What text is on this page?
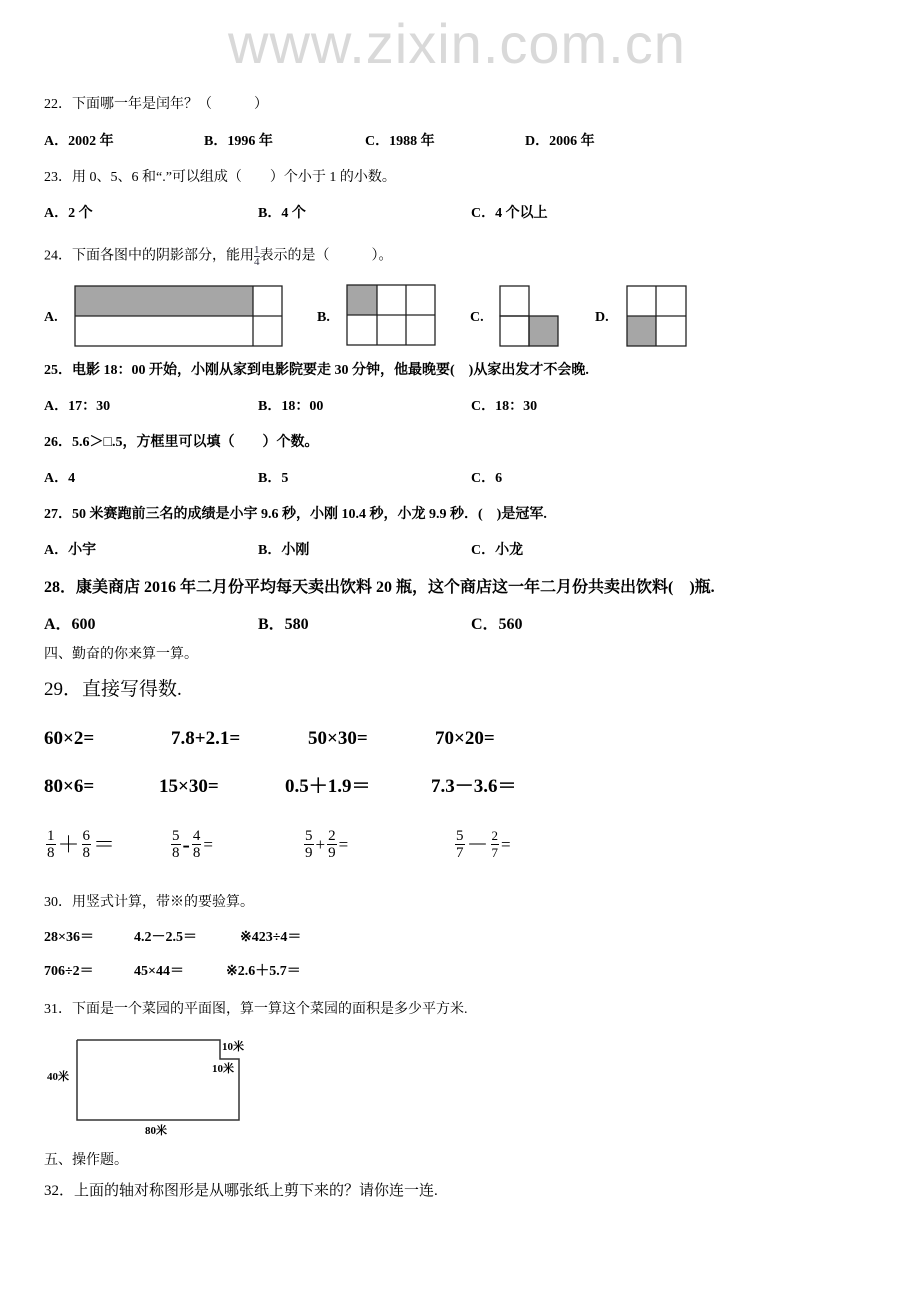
www.zixin.com.cn
22．下面哪一年是闰年？（　　　）
A．2002 年	B．1996 年	C．1988 年	D．2006 年
23．用 0、5、6 和“.”可以组成（　　）个小于 1 的小数。
A．2 个	B．4 个	C．4 个以上
24．下面各图中的阴影部分，能用 $\frac{1}{4}$ 表示的是（　　　）。
A.	B.	C.	D.
25．电影 18：00 开始，小刚从家到电影院要走 30 分钟，他最晚要(　)从家出发才不会晚.
A．17：30	B．18：00	C．18：30
26．5.6＞□.5，方框里可以填（　　）个数。
A．4	B．5	C．6
27．50 米赛跑前三名的成绩是小宇 9.6 秒，小刚 10.4 秒，小龙 9.9 秒．(　)是冠军.
A．小宇	B．小刚	C．小龙
28．康美商店 2016 年二月份平均每天卖出饮料 20 瓶，这个商店这一年二月份共卖出饮料(　)瓶.
A．600	B．580	C．560
四、勤奋的你来算一算。
29．直接写得数.
60×2=	7.8+2.1=	50×30=	70×20=
80×6=	15×30=	0.5＋1.9＝	7.3－3.6＝
$\frac{1}{8} + \frac{6}{8}$ ＝	$\frac{5}{8} - \frac{4}{8}$ =	$\frac{5}{9} + \frac{2}{9}$ =	$\frac{5}{7} - \frac{2}{7}$ =
30．用竖式计算，带※的要验算。
28×36＝	4.2－2.5＝	※423÷4＝
706÷2＝	45×44＝	※2.6＋5.7＝
31．下面是一个菜园的平面图，算一算这个菜园的面积是多少平方米.
40米
10米
10米
80米
五、操作题。
32．上面的轴对称图形是从哪张纸上剪下来的？请你连一连.
